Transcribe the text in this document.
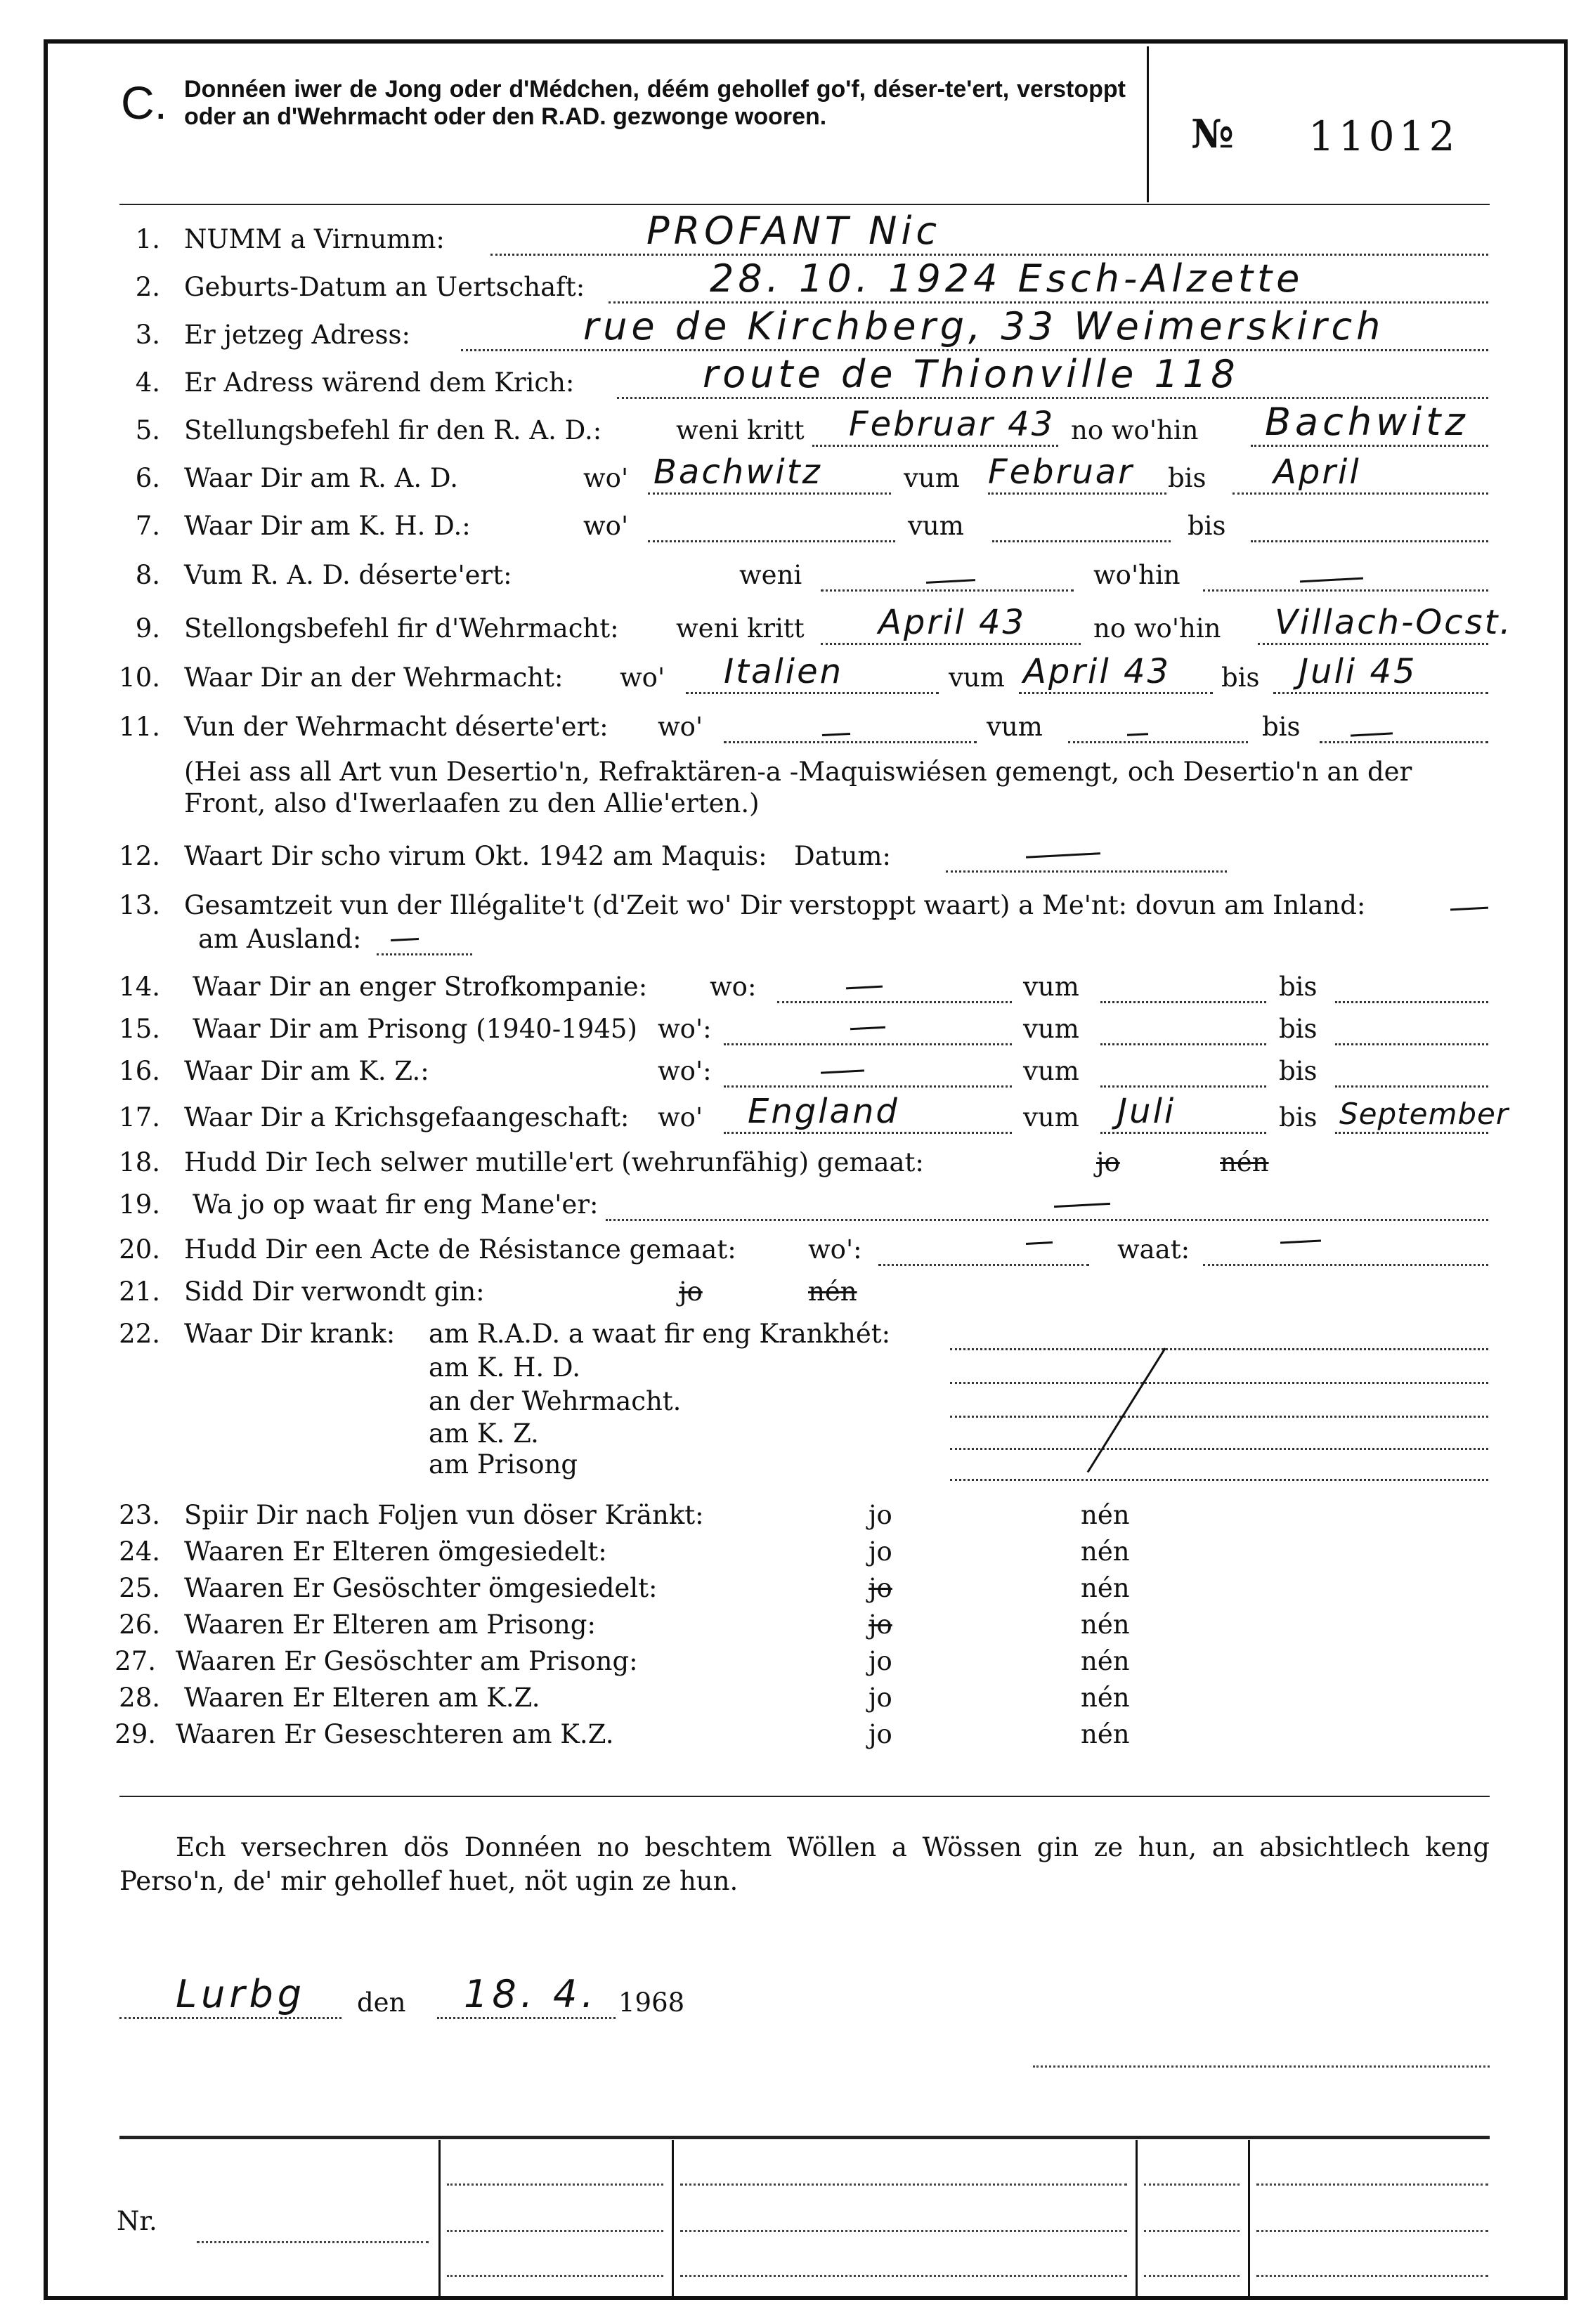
C. Donnéen iwer de Jong oder d'Médchen, déém gehollef go'f, déser-te'ert, verstoppt oder an d'Wehrmacht oder den R.AD. gezwonge wooren.	№ 11012
1. NUMM a Virnumm:	PROFANT Nic
2. Geburts-Datum an Uertschaft:	28. 10. 1924 Esch-Alzette
3. Er jetzeg Adress:	rue de Kirchberg, 33 Weimerskirch
4. Er Adress wärend dem Krich:	route de Thionville 118
5. Stellungsbefehl fir den R. A. D.:	weni kritt Februar 43 no wo'hin Bachwitz
6. Waar Dir am R. A. D.	wo' Bachwitz	vum Februar bis April
7. Waar Dir am K. H. D.:	wo'	vum	bis
8. Vum R. A. D. déserte'ert:	weni	wo'hin
9. Stellongsbefehl fir d'Wehrmacht: weni kritt April 43	no wo'hin Villach-Ocst.
10. Waar Dir an der Wehrmacht: wo' Italien	vum April 43 bis Juli 45
11. Vun der Wehrmacht déserte'ert: wo'	vum	bis
(Hei ass all Art vun Desertio'n, Refraktären-a -Maquiswiésen gemengt, och Desertio'n an der Front, also d'Iwerlaafen zu den Allie'erten.)
12. Waart Dir scho virum Okt. 1942 am Maquis: Datum:
13. Gesamtzeit vun der Illégalite't (d'Zeit wo' Dir verstoppt waart) a Me'nt: dovun am Inland:
am Ausland:
14. Waar Dir an enger Strofkompanie: wo:	vum	bis
15. Waar Dir am Prisong (1940-1945) wo':	vum	bis
16. Waar Dir am K. Z.:	wo':	vum	bis
17. Waar Dir a Krichsgefaangeschaft: wo' England	vum Juli	bis September
18. Hudd Dir Iech selwer mutille'ert (wehrunfähig) gemaat:	jo	nén
19. Wa jo op waat fir eng Mane'er:
20. Hudd Dir een Acte de Résistance gemaat:	wo':	waat:
21. Sidd Dir verwondt gin:	jo	nén
22. Waar Dir krank: am R.A.D. a waat fir eng Krankhét:
am K. H. D.
an der Wehrmacht.
am K. Z.
am Prisong
23. Spiir Dir nach Foljen vun döser Kränkt:	jo	nén
24. Waaren Er Elteren ömgesiedelt:	jo	nén
25. Waaren Er Gesöschter ömgesiedelt:	jo	nén
26. Waaren Er Elteren am Prisong:	jo	nén
27. Waaren Er Gesöschter am Prisong:	jo	nén
28. Waaren Er Elteren am K.Z.	jo	nén
29. Waaren Er Geseschteren am K.Z.	jo	nén
Ech versechren dös Donnéen no beschtem Wöllen a Wössen gin ze hun, an absichtlech keng Perso'n, de' mir gehollef huet, nöt ugin ze hun.
Lurbg den 18. 4. 1968
Nr.
